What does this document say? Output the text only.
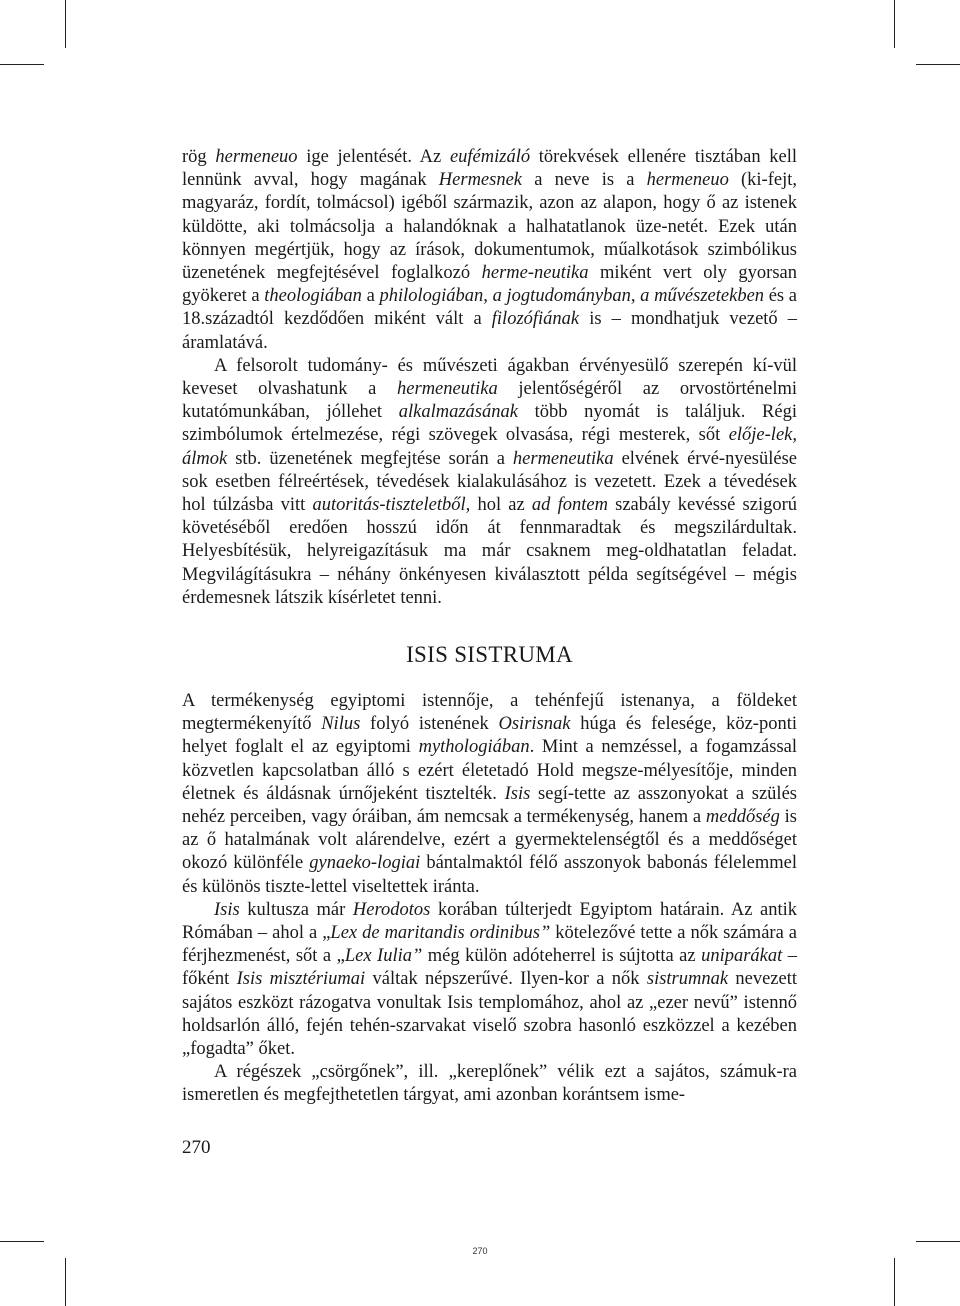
rög hermeneuo ige jelentését. Az eufémizáló törekvések ellenére tisztában kell lennünk avval, hogy magának Hermesnek a neve is a hermeneuo (ki-fejt, magyaráz, fordít, tolmácsol) igéből származik, azon az alapon, hogy ő az istenek küldötte, aki tolmácsolja a halandóknak a halhatatlanok üze-netét. Ezek után könnyen megértjük, hogy az írások, dokumentumok, műalkotások szimbólikus üzenetének megfejtésével foglalkozó herme-neutika miként vert oly gyorsan gyökeret a theologiában a philologiában, a jogtudományban, a művészetekben és a 18.századtól kezdődően miként vált a filozófiának is – mondhatjuk vezető – áramlatává.

A felsorolt tudomány- és művészeti ágakban érvényesülő szerepén kí-vül keveset olvashatunk a hermeneutika jelentőségéről az orvostörténelmi kutatómunkában, jóllehet alkalmazásának több nyomát is találjuk. Régi szimbólumok értelmezése, régi szövegek olvasása, régi mesterek, sőt elője-lek, álmok stb. üzenetének megfejtése során a hermeneutika elvének érvé-nyesülése sok esetben félreértések, tévedések kialakulásához is vezetett. Ezek a tévedések hol túlzásba vitt autoritás-tiszteletből, hol az ad fontem szabály kevéssé szigorú követéséből eredően hosszú időn át fennmaradtak és megszilárdultak. Helyesbítésük, helyreigazításuk ma már csaknem meg-oldhatatlan feladat. Megvilágításukra – néhány önkényesen kiválasztott példa segítségével – mégis érdemesnek látszik kísérletet tenni.

ISIS SISTRUMA

A termékenység egyiptomi istennője, a tehénfejű istenanya, a földeket megtermékenyítő Nilus folyó istenének Osirisnak húga és felesége, köz-ponti helyet foglalt el az egyiptomi mythologiában. Mint a nemzéssel, a fogamzással közvetlen kapcsolatban álló s ezért életetadó Hold megsze-mélyesítője, minden életnek és áldásnak úrnőjeként tisztelték. Isis segí-tette az asszonyokat a szülés nehéz perceiben, vagy óráiban, ám nemcsak a termékenység, hanem a meddőség is az ő hatalmának volt alárendelve, ezért a gyermektelenségtől és a meddőséget okozó különféle gynaeko-logiai bántalmaktól félő asszonyok babonás félelemmel és különös tiszte-lettel viseltettek iránta.

Isis kultusza már Herodotos korában túlterjedt Egyiptom határain. Az antik Rómában – ahol a „Lex de maritandis ordinibus” kötelezővé tette a nők számára a férjhezmenést, sőt a „Lex Iulia” még külön adóteherrel is sújtotta az uniparákat – főként Isis misztériumai váltak népszerűvé. Ilyen-kor a nők sistrumnak nevezett sajátos eszközt rázogatva vonultak Isis templomához, ahol az „ezer nevű” istennő holdsarlón álló, fején tehén-szarvakat viselő szobra hasonló eszközzel a kezében „fogadta” őket.

A régészek „csörgőnek”, ill. „kereplőnek” vélik ezt a sajátos, számuk-ra ismeretlen és megfejthetetlen tárgyat, ami azonban korántsem isme-

270
270
